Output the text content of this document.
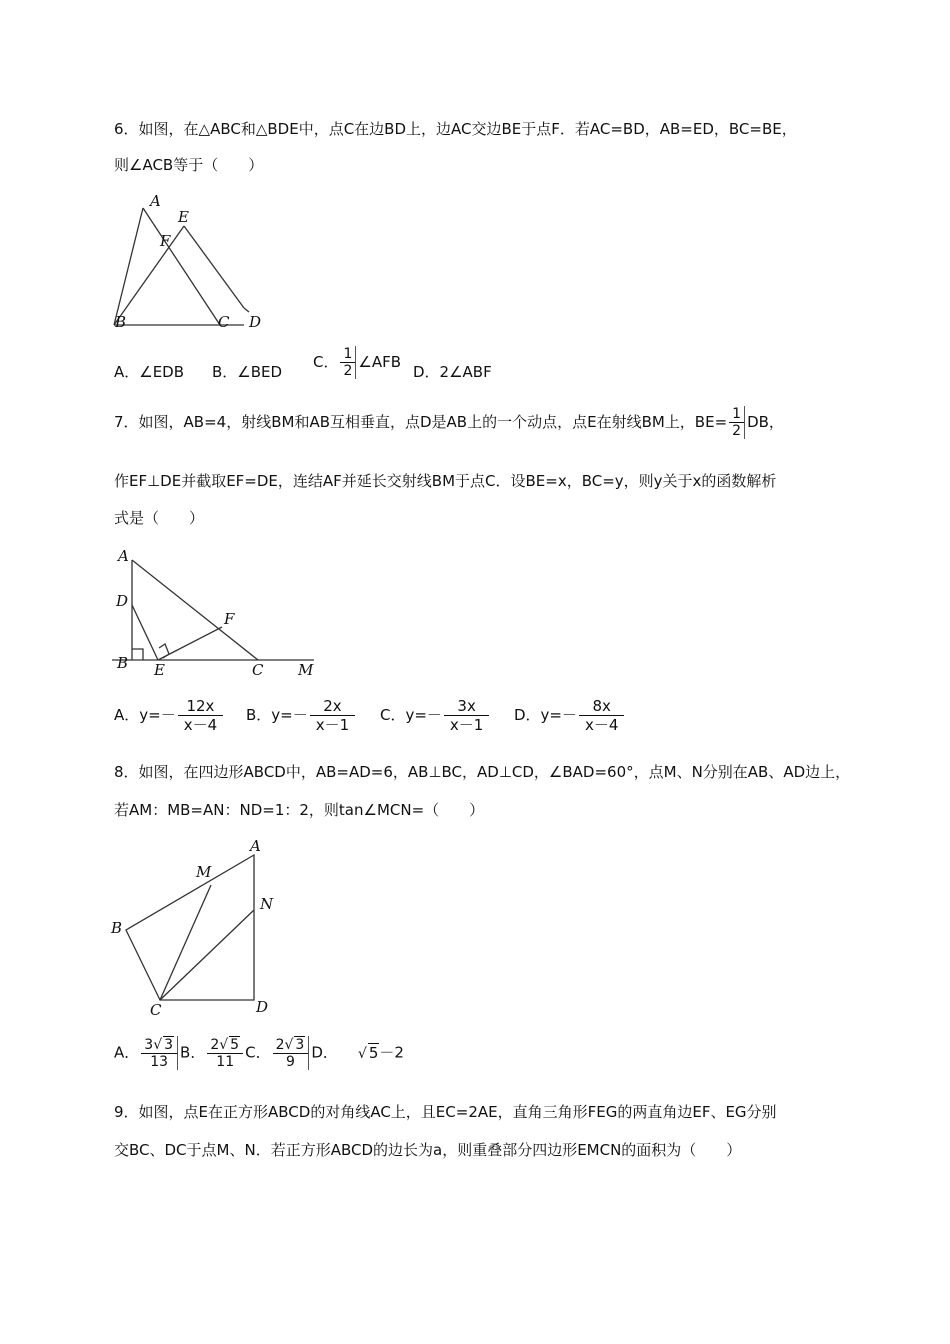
6．如图，在△ABC和△BDE中，点C在边BD上，边AC交边BE于点F．若AC=BD，AB=ED，BC=BE，
则∠ACB等于（　　）
A
E
F
B	C D
A．∠EDB B．∠BED
C． $\frac{1}{2}$ ∠AFB
D．2∠ABF
7．如图，AB=4，射线BM和AB互相垂直，点D是AB上的一个动点，点E在射线BM上，$BE= \frac{1}{2}$ DB，
作EF⊥DE并截取EF=DE，连结AF并延长交射线BM于点C．设BE=x，BC=y，则y关于x的函数解析
式是（　　）
A
D
F
B E	C M
A．$y=- \frac{12x}{x-4}$ B．$y=- \frac{2x}{x-1}$ C．$y=- \frac{3x}{x-1}$ D．$y=- \frac{8x}{x-4}$
8．如图，在四边形ABCD中，AB=AD=6，AB⊥BC，AD⊥CD，∠BAD=60°，点M、N分别在AB、AD边上，
若AM：MB=AN：ND=1：2，则tan∠MCN=（　　）
A
M
N
B
C	D
A． $\frac{3√ 3}{13}$ B． $\frac{2√ 5}{11}$ C． $\frac{2√ 3}{9}$ D． √ 5－2
9．如图，点E在正方形ABCD的对角线AC上，且EC=2AE，直角三角形FEG的两直角边EF、EG分别
交BC、DC于点M、N．若正方形ABCD的边长为a，则重叠部分四边形EMCN的面积为（　　）
